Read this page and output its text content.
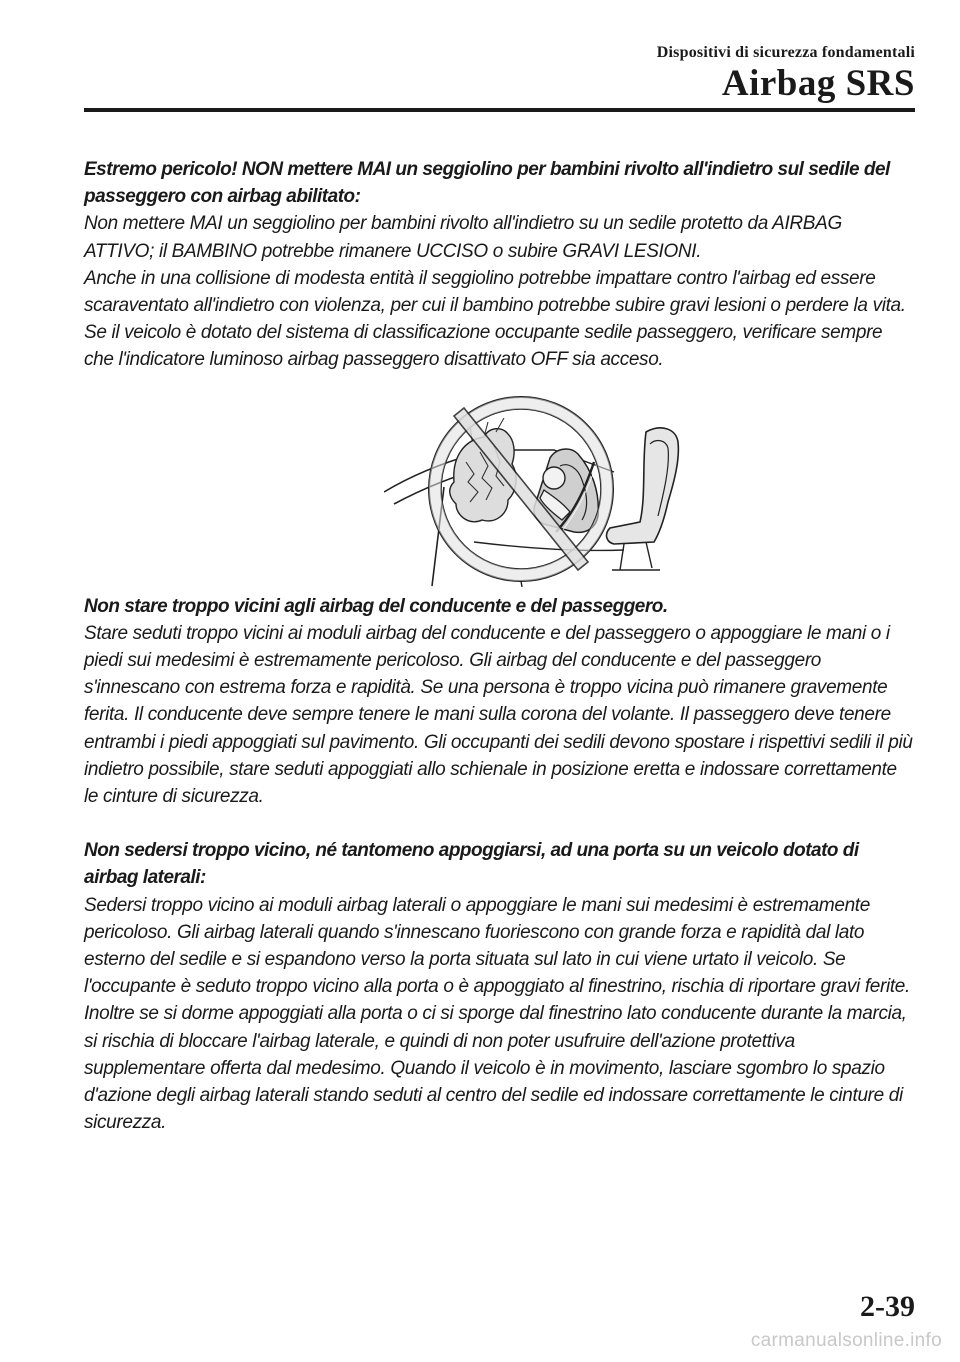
Dispositivi di sicurezza fondamentali
Airbag SRS

Estremo pericolo! NON mettere MAI un seggiolino per bambini rivolto all'indietro sul sedile del passeggero con airbag abilitato:

Non mettere MAI un seggiolino per bambini rivolto all'indietro su un sedile protetto da AIRBAG ATTIVO; il BAMBINO potrebbe rimanere UCCISO o subire GRAVI LESIONI.

Anche in una collisione di modesta entità il seggiolino potrebbe impattare contro l'airbag ed essere scaraventato all'indietro con violenza, per cui il bambino potrebbe subire gravi lesioni o perdere la vita. Se il veicolo è dotato del sistema di classificazione occupante sedile passeggero, verificare sempre che l'indicatore luminoso airbag passeggero disattivato OFF sia acceso.

Non stare troppo vicini agli airbag del conducente e del passeggero.

Stare seduti troppo vicini ai moduli airbag del conducente e del passeggero o appoggiare le mani o i piedi sui medesimi è estremamente pericoloso. Gli airbag del conducente e del passeggero s'innescano con estrema forza e rapidità. Se una persona è troppo vicina può rimanere gravemente ferita. Il conducente deve sempre tenere le mani sulla corona del volante. Il passeggero deve tenere entrambi i piedi appoggiati sul pavimento. Gli occupanti dei sedili devono spostare i rispettivi sedili il più indietro possibile, stare seduti appoggiati allo schienale in posizione eretta e indossare correttamente le cinture di sicurezza.

Non sedersi troppo vicino, né tantomeno appoggiarsi, ad una porta su un veicolo dotato di airbag laterali:

Sedersi troppo vicino ai moduli airbag laterali o appoggiare le mani sui medesimi è estremamente pericoloso. Gli airbag laterali quando s'innescano fuoriescono con grande forza e rapidità dal lato esterno del sedile e si espandono verso la porta situata sul lato in cui viene urtato il veicolo. Se l'occupante è seduto troppo vicino alla porta o è appoggiato al finestrino, rischia di riportare gravi ferite. Inoltre se si dorme appoggiati alla porta o ci si sporge dal finestrino lato conducente durante la marcia, si rischia di bloccare l'airbag laterale, e quindi di non poter usufruire dell'azione protettiva supplementare offerta dal medesimo. Quando il veicolo è in movimento, lasciare sgombro lo spazio d'azione degli airbag laterali stando seduti al centro del sedile ed indossare correttamente le cinture di sicurezza.

2-39
carmanualsonline.info
